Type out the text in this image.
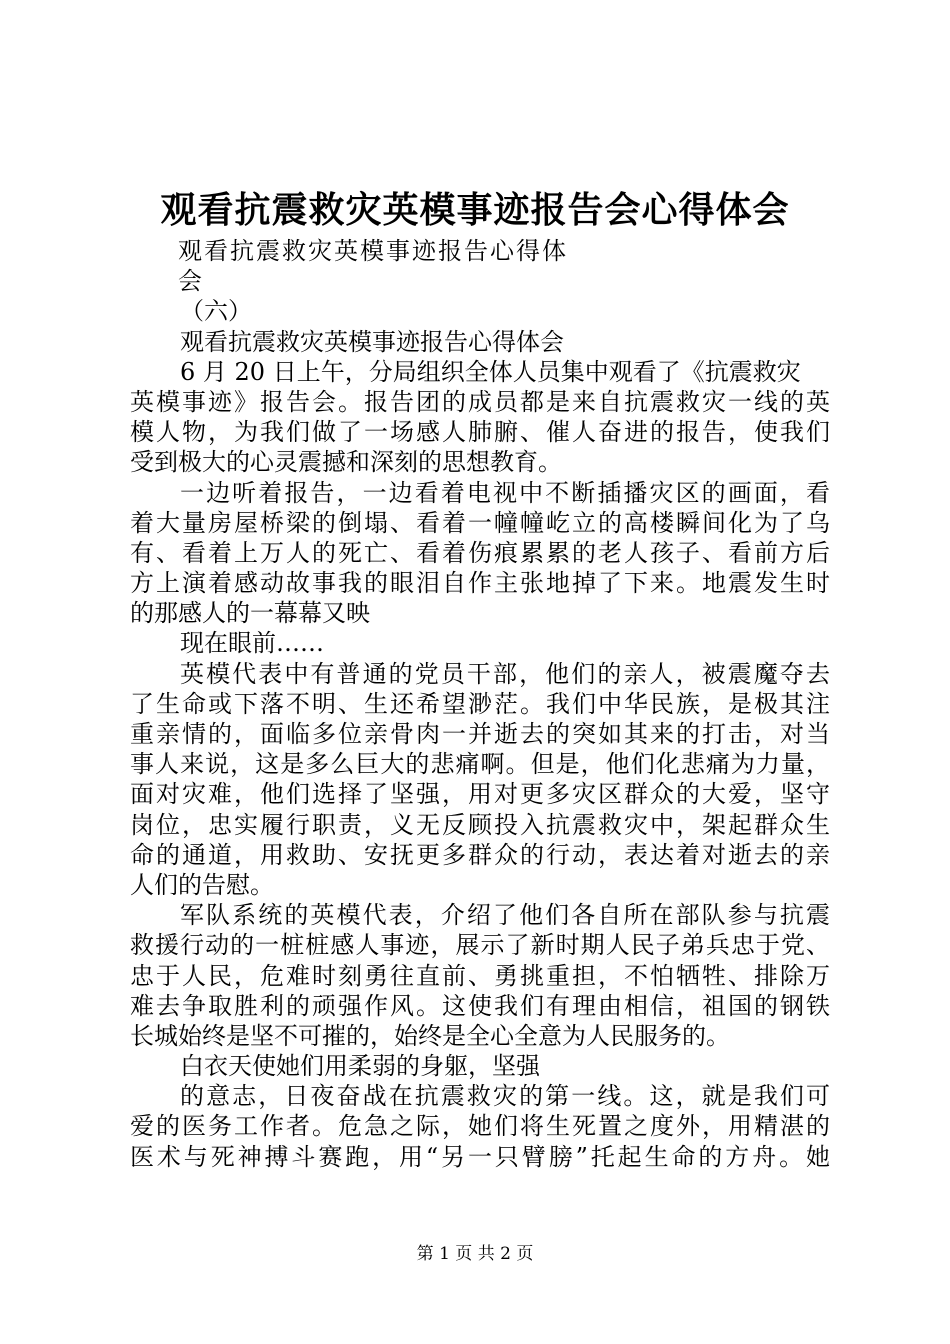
观看抗震救灾英模事迹报告会心得体会
观看抗震救灾英模事迹报告心得体
会
（六）
观看抗震救灾英模事迹报告心得体会
6 月 20 日上午，分局组织全体人员集中观看了《抗震救灾
英模事迹》报告会。报告团的成员都是来自抗震救灾一线的英
模人物，为我们做了一场感人肺腑、催人奋进的报告，使我们
受到极大的心灵震撼和深刻的思想教育。
一边听着报告，一边看着电视中不断插播灾区的画面，看
着大量房屋桥梁的倒塌、看着一幢幢屹立的高楼瞬间化为了乌
有、看着上万人的死亡、看着伤痕累累的老人孩子、看前方后
方上演着感动故事我的眼泪自作主张地掉了下来。地震发生时
的那感人的一幕幕又映
现在眼前……
英模代表中有普通的党员干部，他们的亲人，被震魔夺去
了生命或下落不明、生还希望渺茫。我们中华民族，是极其注
重亲情的，面临多位亲骨肉一并逝去的突如其来的打击，对当
事人来说，这是多么巨大的悲痛啊。但是，他们化悲痛为力量，
面对灾难，他们选择了坚强，用对更多灾区群众的大爱，坚守
岗位，忠实履行职责，义无反顾投入抗震救灾中，架起群众生
命的通道，用救助、安抚更多群众的行动，表达着对逝去的亲
人们的告慰。
军队系统的英模代表，介绍了他们各自所在部队参与抗震
救援行动的一桩桩感人事迹，展示了新时期人民子弟兵忠于党、
忠于人民，危难时刻勇往直前、勇挑重担，不怕牺牲、排除万
难去争取胜利的顽强作风。这使我们有理由相信，祖国的钢铁
长城始终是坚不可摧的，始终是全心全意为人民服务的。
白衣天使她们用柔弱的身躯，坚强
的意志，日夜奋战在抗震救灾的第一线。这，就是我们可
爱的医务工作者。危急之际，她们将生死置之度外，用精湛的
医术与死神搏斗赛跑，用“另一只臂膀”托起生命的方舟。她
第 1 页 共 2 页
